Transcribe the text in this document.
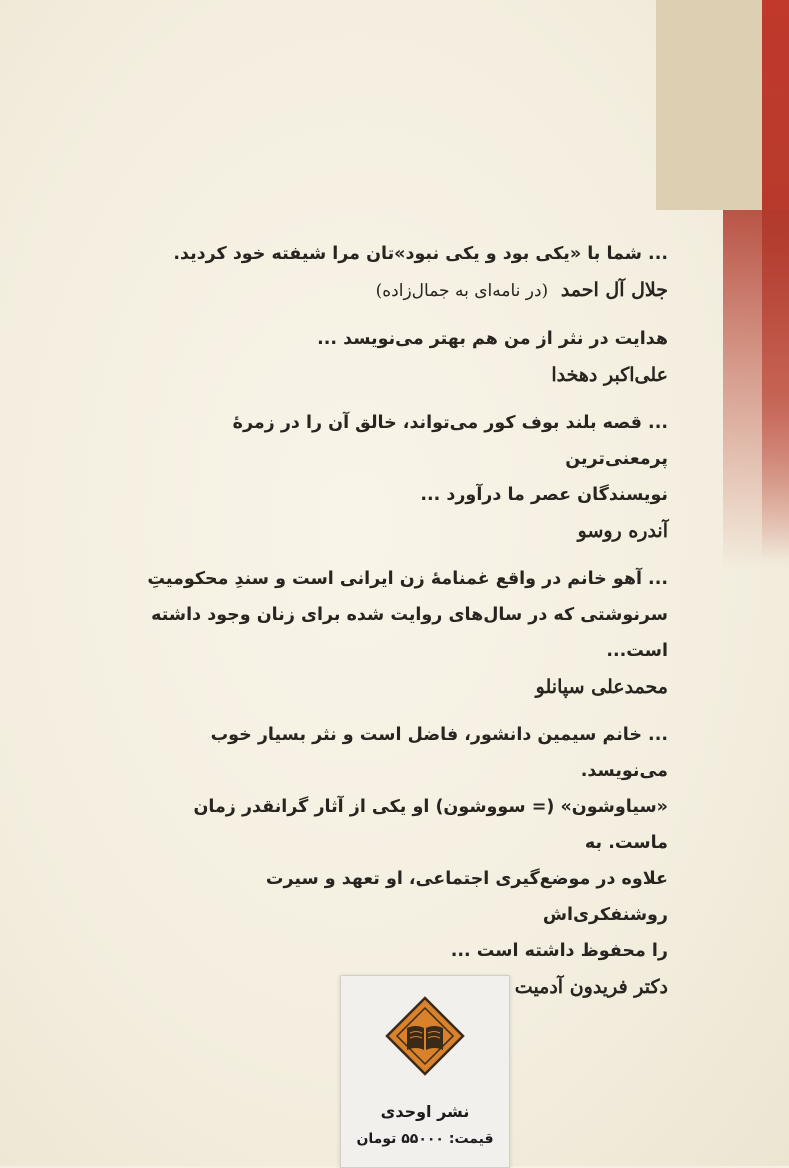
... شما با «یکی بود و یکی نبود»تان مرا شیفته خود کردید.

جلال آل احمد (در نامه‌ای به جمال‌زاده)

هدایت در نثر از من هم بهتر می‌نویسد ...

علی‌اکبر دهخدا

... قصه بلند بوف کور می‌تواند، خالق آن را در زمرهٔ پرمعنی‌ترین

نویسندگان عصر ما درآورد ...

آندره روسو

... آهو خانم در واقع غمنامهٔ زن ایرانی است و سندِ محکومیتِ

سرنوشتی که در سال‌های روایت شده برای زنان وجود داشته

است...

محمدعلی سپانلو

... خانم سیمین دانشور، فاضل است و نثر بسیار خوب می‌نویسد.

«سیاوشون» (= سووشون) او یکی از آثار گرانقدر زمان ماست. به

علاوه در موضع‌گیری اجتماعی، او تعهد و سیرت روشنفکری‌اش

را محفوظ داشته است ...

دکتر فریدون آدمیت
نشر اوحدی
قیمت: ۵۵۰۰۰ تومان
